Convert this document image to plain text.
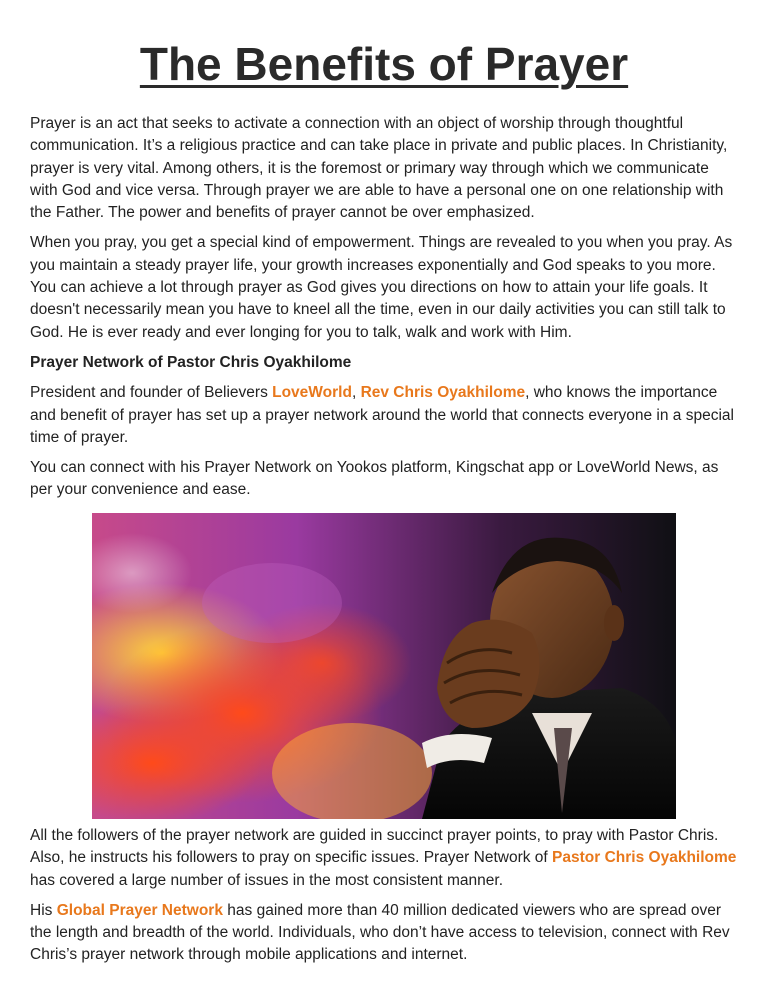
The Benefits of Prayer

Prayer is an act that seeks to activate a connection with an object of worship through thoughtful communication. It’s a religious practice and can take place in private and public places. In Christianity, prayer is very vital. Among others, it is the foremost or primary way through which we communicate with God and vice versa. Through prayer we are able to have a personal one on one relationship with the Father. The power and benefits of prayer cannot be over emphasized.

When you pray, you get a special kind of empowerment. Things are revealed to you when you pray. As you maintain a steady prayer life, your growth increases exponentially and God speaks to you more. You can achieve a lot through prayer as God gives you directions on how to attain your life goals. It doesn't necessarily mean you have to kneel all the time, even in our daily activities you can still talk to God. He is ever ready and ever longing for you to talk, walk and work with Him.

Prayer Network of Pastor Chris Oyakhilome

President and founder of Believers LoveWorld, Rev Chris Oyakhilome, who knows the importance and benefit of prayer has set up a prayer network around the world that connects everyone in a special time of prayer.

You can connect with his Prayer Network on Yookos platform, Kingschat app or LoveWorld News, as per your convenience and ease.

All the followers of the prayer network are guided in succinct prayer points, to pray with Pastor Chris. Also, he instructs his followers to pray on specific issues. Prayer Network of Pastor Chris Oyakhilome has covered a large number of issues in the most consistent manner.

His Global Prayer Network has gained more than 40 million dedicated viewers who are spread over the length and breadth of the world. Individuals, who don’t have access to television, connect with Rev Chris’s prayer network through mobile applications and internet.
